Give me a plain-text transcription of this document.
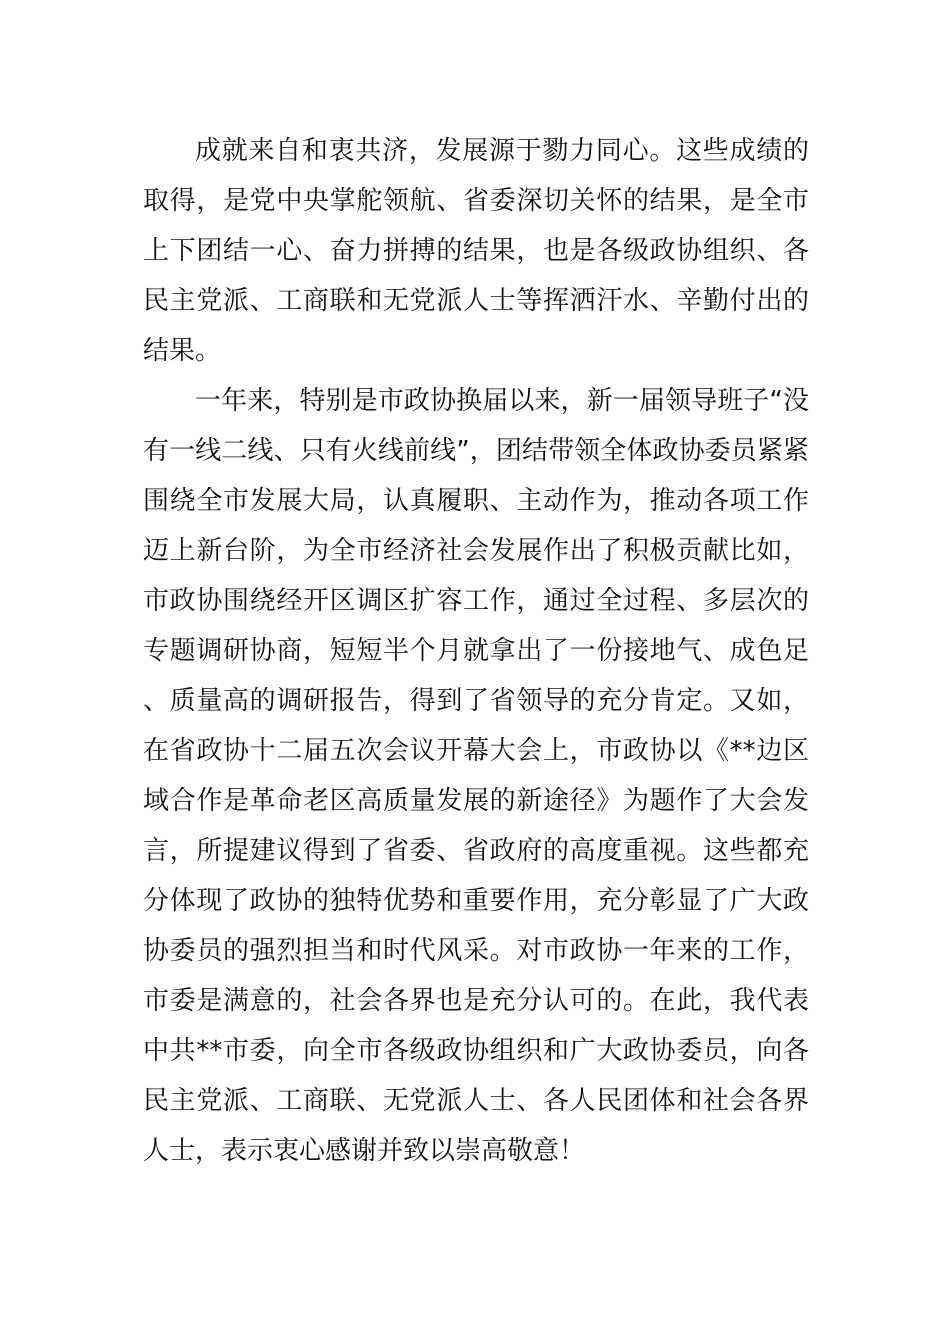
成就来自和衷共济，发展源于勠力同心。这些成绩的取得，是党中央掌舵领航、省委深切关怀的结果，是全市上下团结一心、奋力拼搏的结果，也是各级政协组织、各民主党派、工商联和无党派人士等挥洒汗水、辛勤付出的结果。

一年来，特别是市政协换届以来，新一届领导班子“没有一线二线、只有火线前线”，团结带领全体政协委员紧紧围绕全市发展大局，认真履职、主动作为，推动各项工作迈上新台阶，为全市经济社会发展作出了积极贡献比如，市政协围绕经开区调区扩容工作，通过全过程、多层次的专题调研协商，短短半个月就拿出了一份接地气、成色足、质量高的调研报告，得到了省领导的充分肯定。又如，在省政协十二届五次会议开幕大会上，市政协以《**边区域合作是革命老区高质量发展的新途径》为题作了大会发言，所提建议得到了省委、省政府的高度重视。这些都充分体现了政协的独特优势和重要作用，充分彰显了广大政协委员的强烈担当和时代风采。对市政协一年来的工作，市委是满意的，社会各界也是充分认可的。在此，我代表中共**市委，向全市各级政协组织和广大政协委员，向各民主党派、工商联、无党派人士、各人民团体和社会各界人士，表示衷心感谢并致以崇高敬意！
